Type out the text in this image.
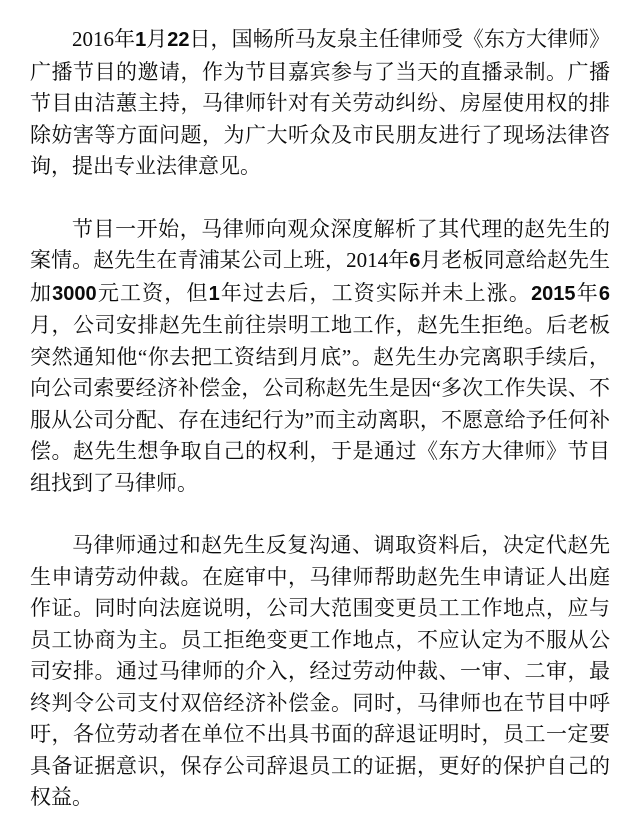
2016年1月22日，国畅所马友泉主任律师受《东方大律师》广播节目的邀请，作为节目嘉宾参与了当天的直播录制。广播节目由洁蕙主持，马律师针对有关劳动纠纷、房屋使用权的排除妨害等方面问题，为广大听众及市民朋友进行了现场法律咨询，提出专业法律意见。

节目一开始，马律师向观众深度解析了其代理的赵先生的案情。赵先生在青浦某公司上班，2014年6月老板同意给赵先生加3000元工资，但1年过去后，工资实际并未上涨。2015年6月，公司安排赵先生前往崇明工地工作，赵先生拒绝。后老板突然通知他“你去把工资结到月底”。赵先生办完离职手续后，向公司索要经济补偿金，公司称赵先生是因“多次工作失误、不服从公司分配、存在违纪行为”而主动离职，不愿意给予任何补偿。赵先生想争取自己的权利，于是通过《东方大律师》节目组找到了马律师。

马律师通过和赵先生反复沟通、调取资料后，决定代赵先生申请劳动仲裁。在庭审中，马律师帮助赵先生申请证人出庭作证。同时向法庭说明，公司大范围变更员工工作地点，应与员工协商为主。员工拒绝变更工作地点，不应认定为不服从公司安排。通过马律师的介入，经过劳动仲裁、一审、二审，最终判令公司支付双倍经济补偿金。同时，马律师也在节目中呼吁，各位劳动者在单位不出具书面的辞退证明时，员工一定要具备证据意识，保存公司辞退员工的证据，更好的保护自己的权益。
